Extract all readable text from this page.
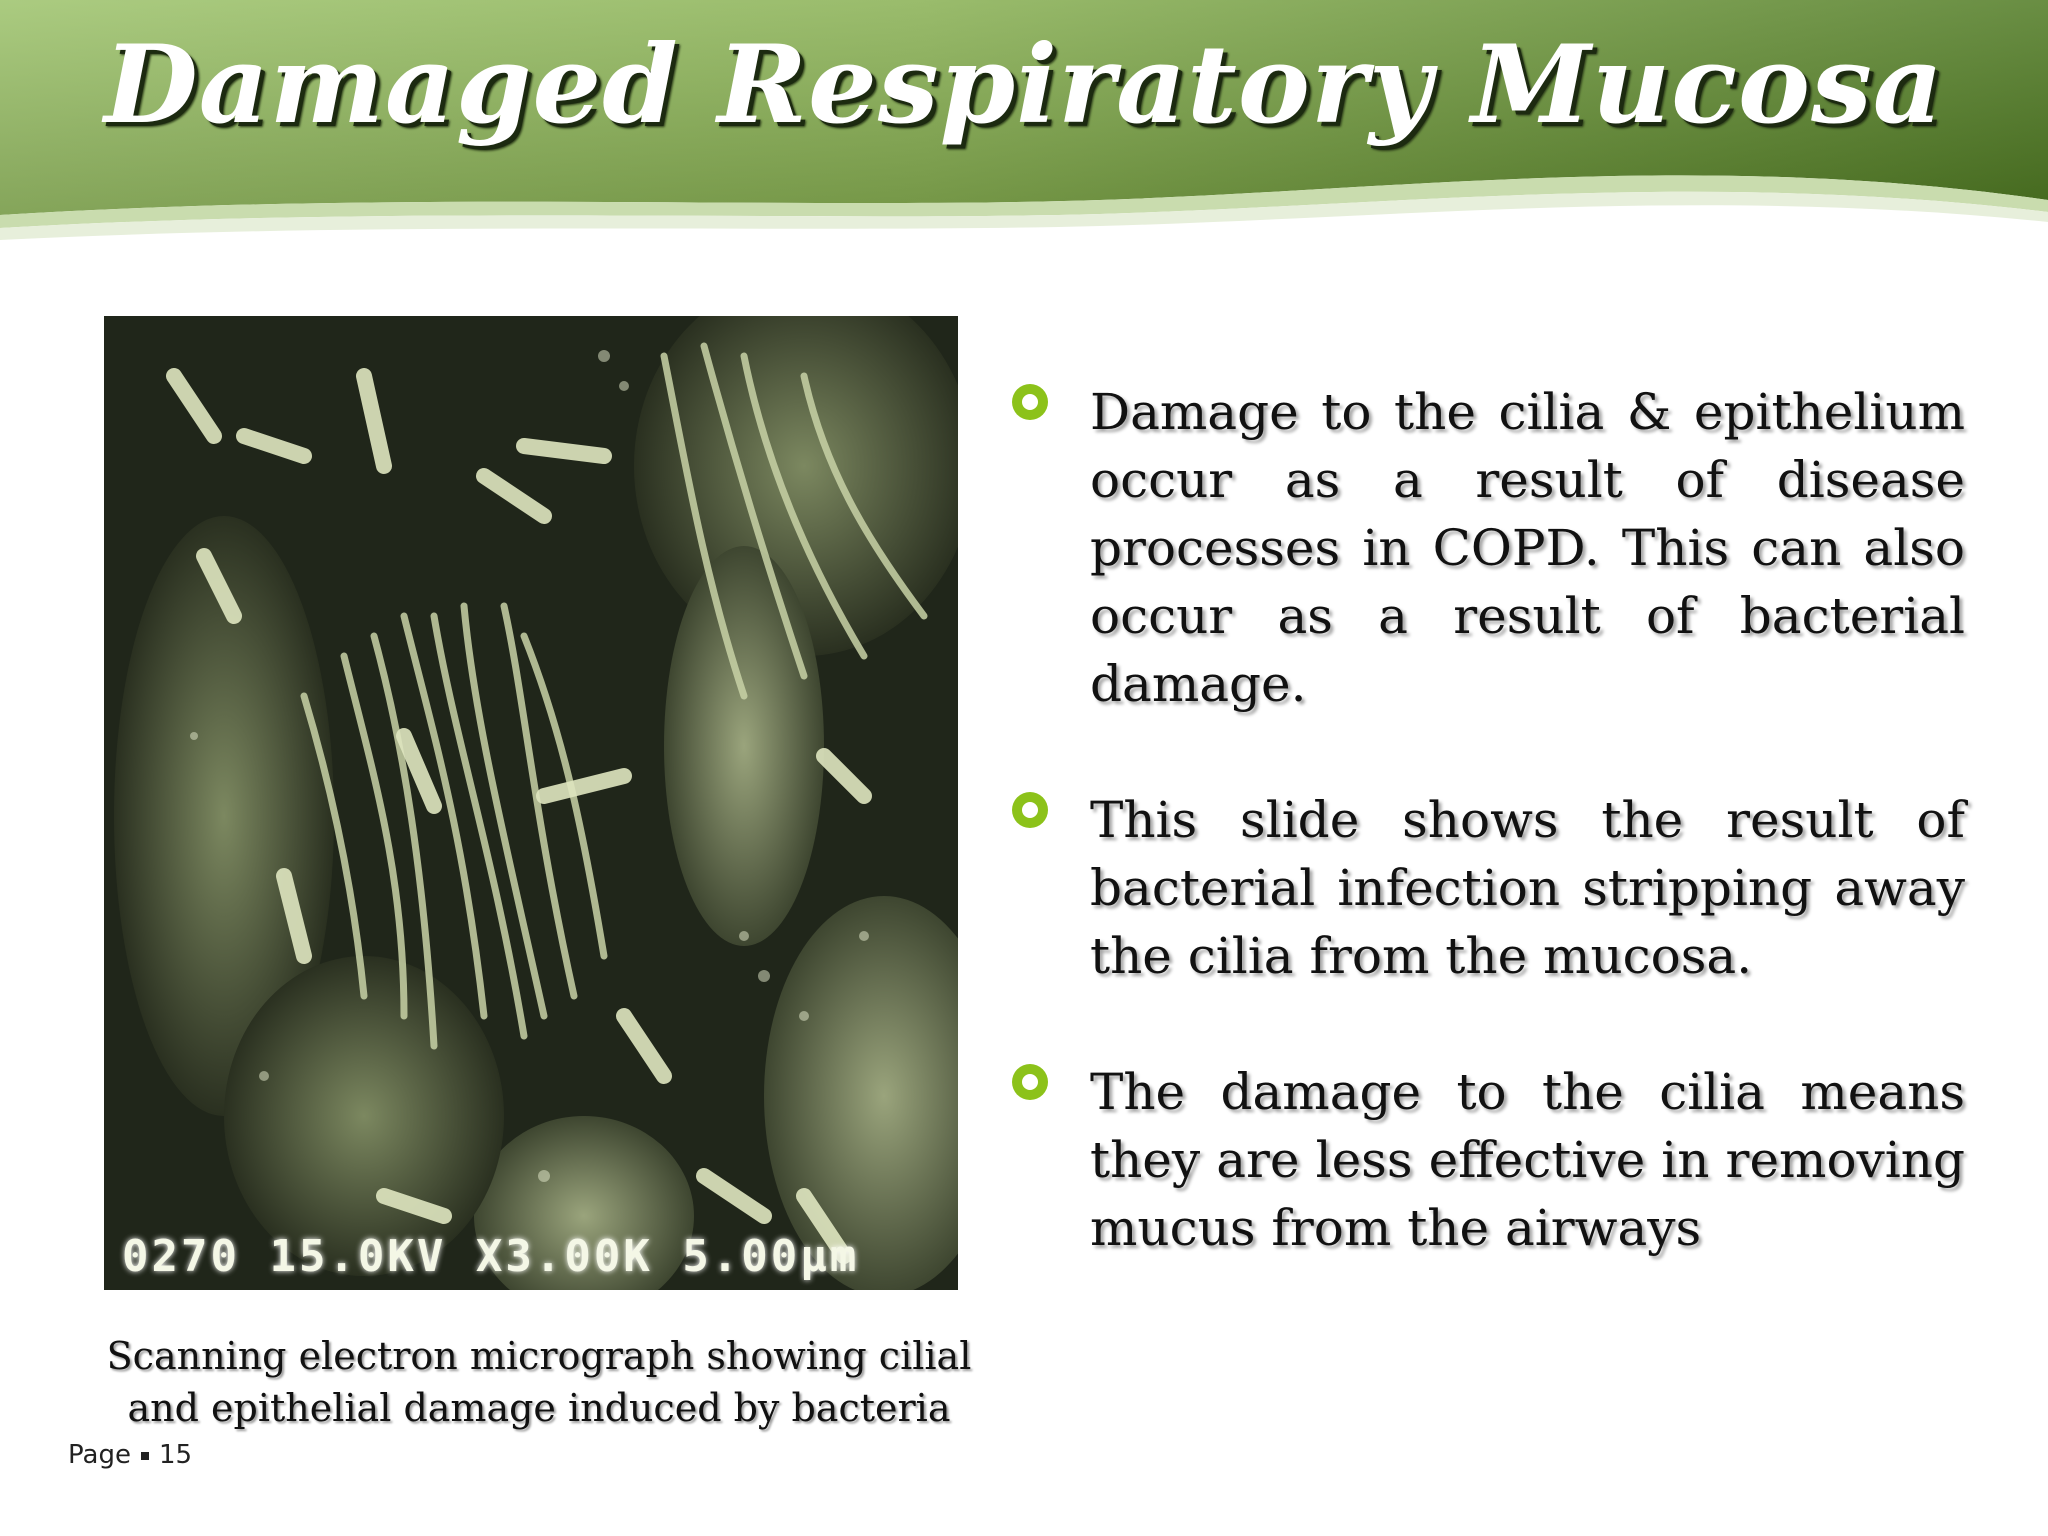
Damaged Respiratory Mucosa
0270 15.0KV X3.00K 5.00µm
Scanning electron micrograph showing cilial
and epithelial damage induced by bacteria
Damage to the cilia & epithelium occur as a result of disease processes in COPD. This can also occur as a result of bacterial damage.
This slide shows the result of bacterial infection stripping away the cilia from the mucosa.
The damage to the cilia means they are less effective in removing mucus from the airways
Page 15
